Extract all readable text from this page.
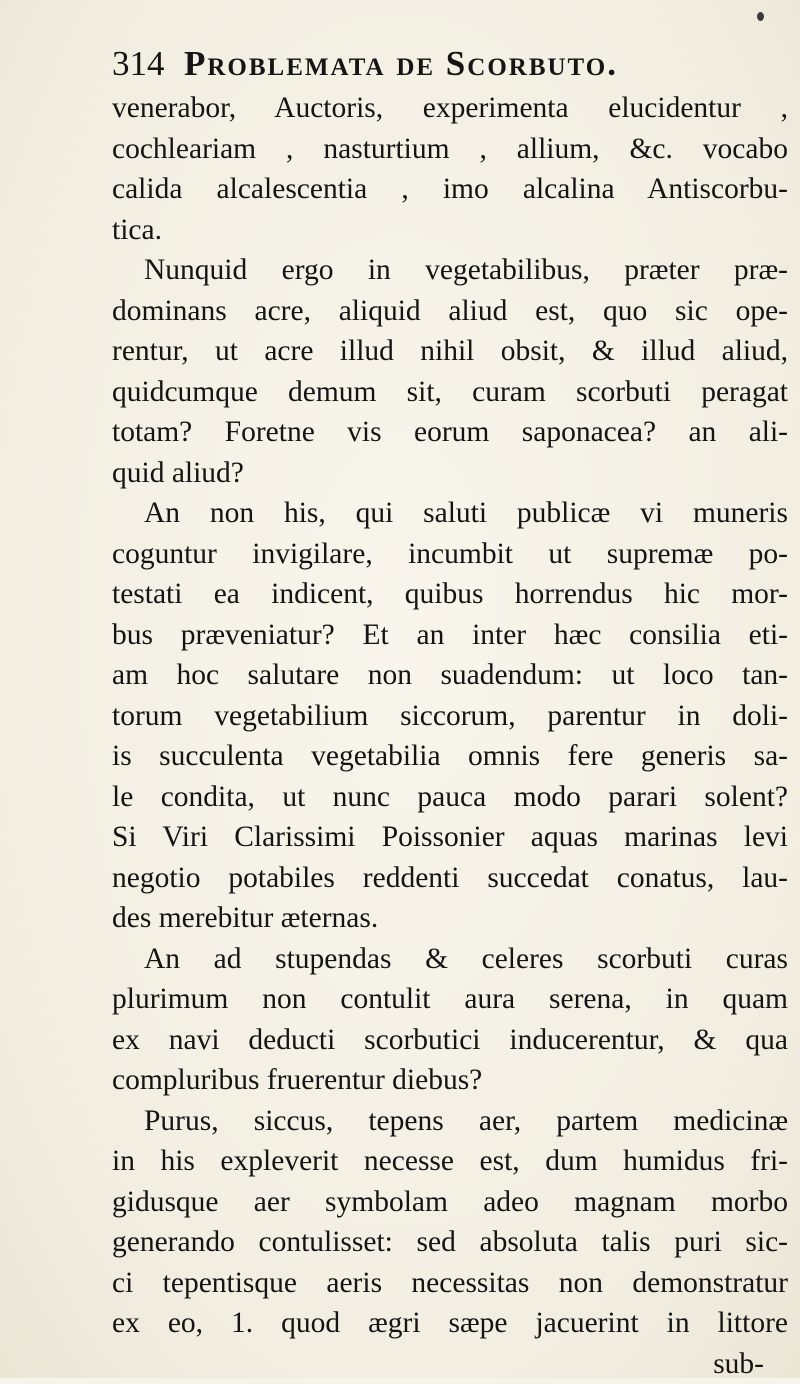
314 Problemata de Scorbuto.
venerabor, Auctoris, experimenta elucidentur ,
cochleariam , nasturtium , allium, &c. vocabo
calida alcalescentia , imo alcalina Antiscorbu-
tica.
Nunquid ergo in vegetabilibus, præter præ-
dominans acre, aliquid aliud est, quo sic ope-
rentur, ut acre illud nihil obsit, & illud aliud,
quidcumque demum sit, curam scorbuti peragat
totam? Foretne vis eorum saponacea? an ali-
quid aliud?
An non his, qui saluti publicæ vi muneris
coguntur invigilare, incumbit ut supremæ po-
testati ea indicent, quibus horrendus hic mor-
bus præveniatur? Et an inter hæc consilia eti-
am hoc salutare non suadendum: ut loco tan-
torum vegetabilium siccorum, parentur in doli-
is succulenta vegetabilia omnis fere generis sa-
le condita, ut nunc pauca modo parari solent?
Si Viri Clarissimi Poissonier aquas marinas levi
negotio potabiles reddenti succedat conatus, lau-
des merebitur æternas.
An ad stupendas & celeres scorbuti curas
plurimum non contulit aura serena, in quam
ex navi deducti scorbutici inducerentur, & qua
compluribus fruerentur diebus?
Purus, siccus, tepens aer, partem medicinæ
in his expleverit necesse est, dum humidus fri-
gidusque aer symbolam adeo magnam morbo
generando contulisset: sed absoluta talis puri sic-
ci tepentisque aeris necessitas non demonstratur
ex eo, 1. quod ægri sæpe jacuerint in littore
sub-
